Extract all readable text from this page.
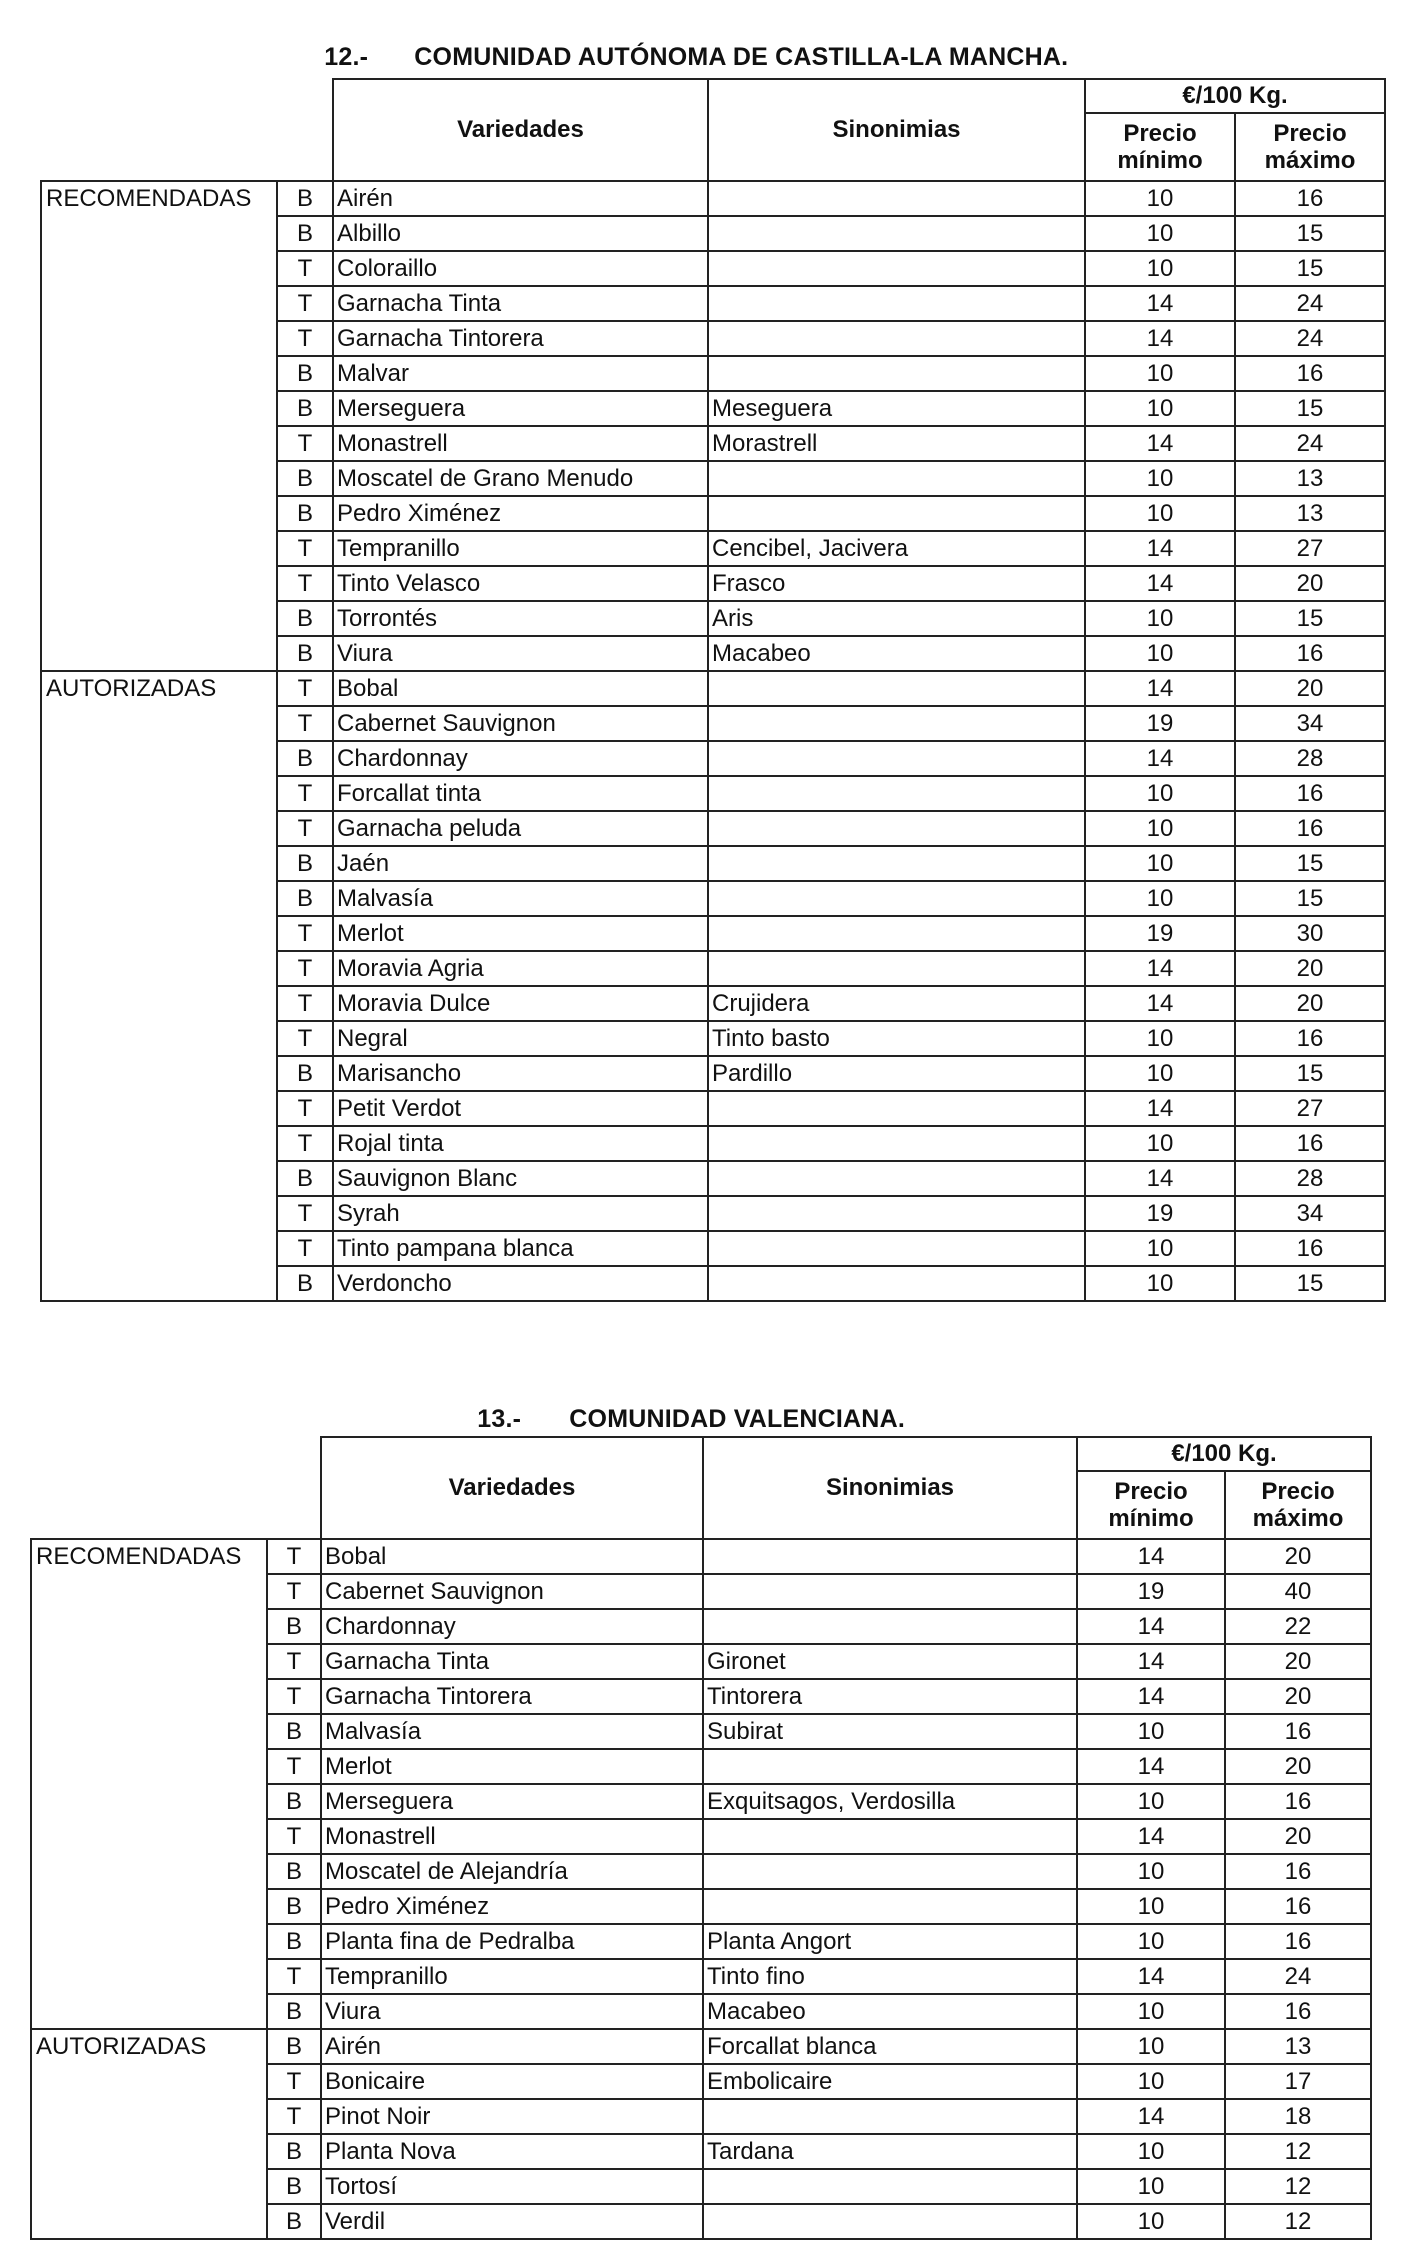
12.- COMUNIDAD AUTÓNOMA DE CASTILLA-LA MANCHA.

		Variedades	Sinonimias	€/100 Kg.	
				Precio mínimo	Precio máximo
RECOMENDADAS	B	Airén		10	16
	B	Albillo		10	15
	T	Coloraillo		10	15
	T	Garnacha Tinta		14	24
	T	Garnacha Tintorera		14	24
	B	Malvar		10	16
	B	Merseguera	Meseguera	10	15
	T	Monastrell	Morastrell	14	24
	B	Moscatel de Grano Menudo		10	13
	B	Pedro Ximénez		10	13
	T	Tempranillo	Cencibel, Jacivera	14	27
	T	Tinto Velasco	Frasco	14	20
	B	Torrontés	Aris	10	15
	B	Viura	Macabeo	10	16
AUTORIZADAS	T	Bobal		14	20
	T	Cabernet Sauvignon		19	34
	B	Chardonnay		14	28
	T	Forcallat tinta		10	16
	T	Garnacha peluda		10	16
	B	Jaén		10	15
	B	Malvasía		10	15
	T	Merlot		19	30
	T	Moravia Agria		14	20
	T	Moravia Dulce	Crujidera	14	20
	T	Negral	Tinto basto	10	16
	B	Marisancho	Pardillo	10	15
	T	Petit Verdot		14	27
	T	Rojal tinta		10	16
	B	Sauvignon Blanc		14	28
	T	Syrah		19	34
	T	Tinto pampana blanca		10	16
	B	Verdoncho		10	15

13.- COMUNIDAD VALENCIANA.

		Variedades	Sinonimias	€/100 Kg.	
				Precio mínimo	Precio máximo
RECOMENDADAS	T	Bobal		14	20
	T	Cabernet Sauvignon		19	40
	B	Chardonnay		14	22
	T	Garnacha Tinta	Gironet	14	20
	T	Garnacha Tintorera	Tintorera	14	20
	B	Malvasía	Subirat	10	16
	T	Merlot		14	20
	B	Merseguera	Exquitsagos, Verdosilla	10	16
	T	Monastrell		14	20
	B	Moscatel de Alejandría		10	16
	B	Pedro Ximénez		10	16
	B	Planta fina de Pedralba	Planta Angort	10	16
	T	Tempranillo	Tinto fino	14	24
	B	Viura	Macabeo	10	16
AUTORIZADAS	B	Airén	Forcallat blanca	10	13
	T	Bonicaire	Embolicaire	10	17
	T	Pinot Noir		14	18
	B	Planta Nova	Tardana	10	12
	B	Tortosí		10	12
	B	Verdil		10	12
